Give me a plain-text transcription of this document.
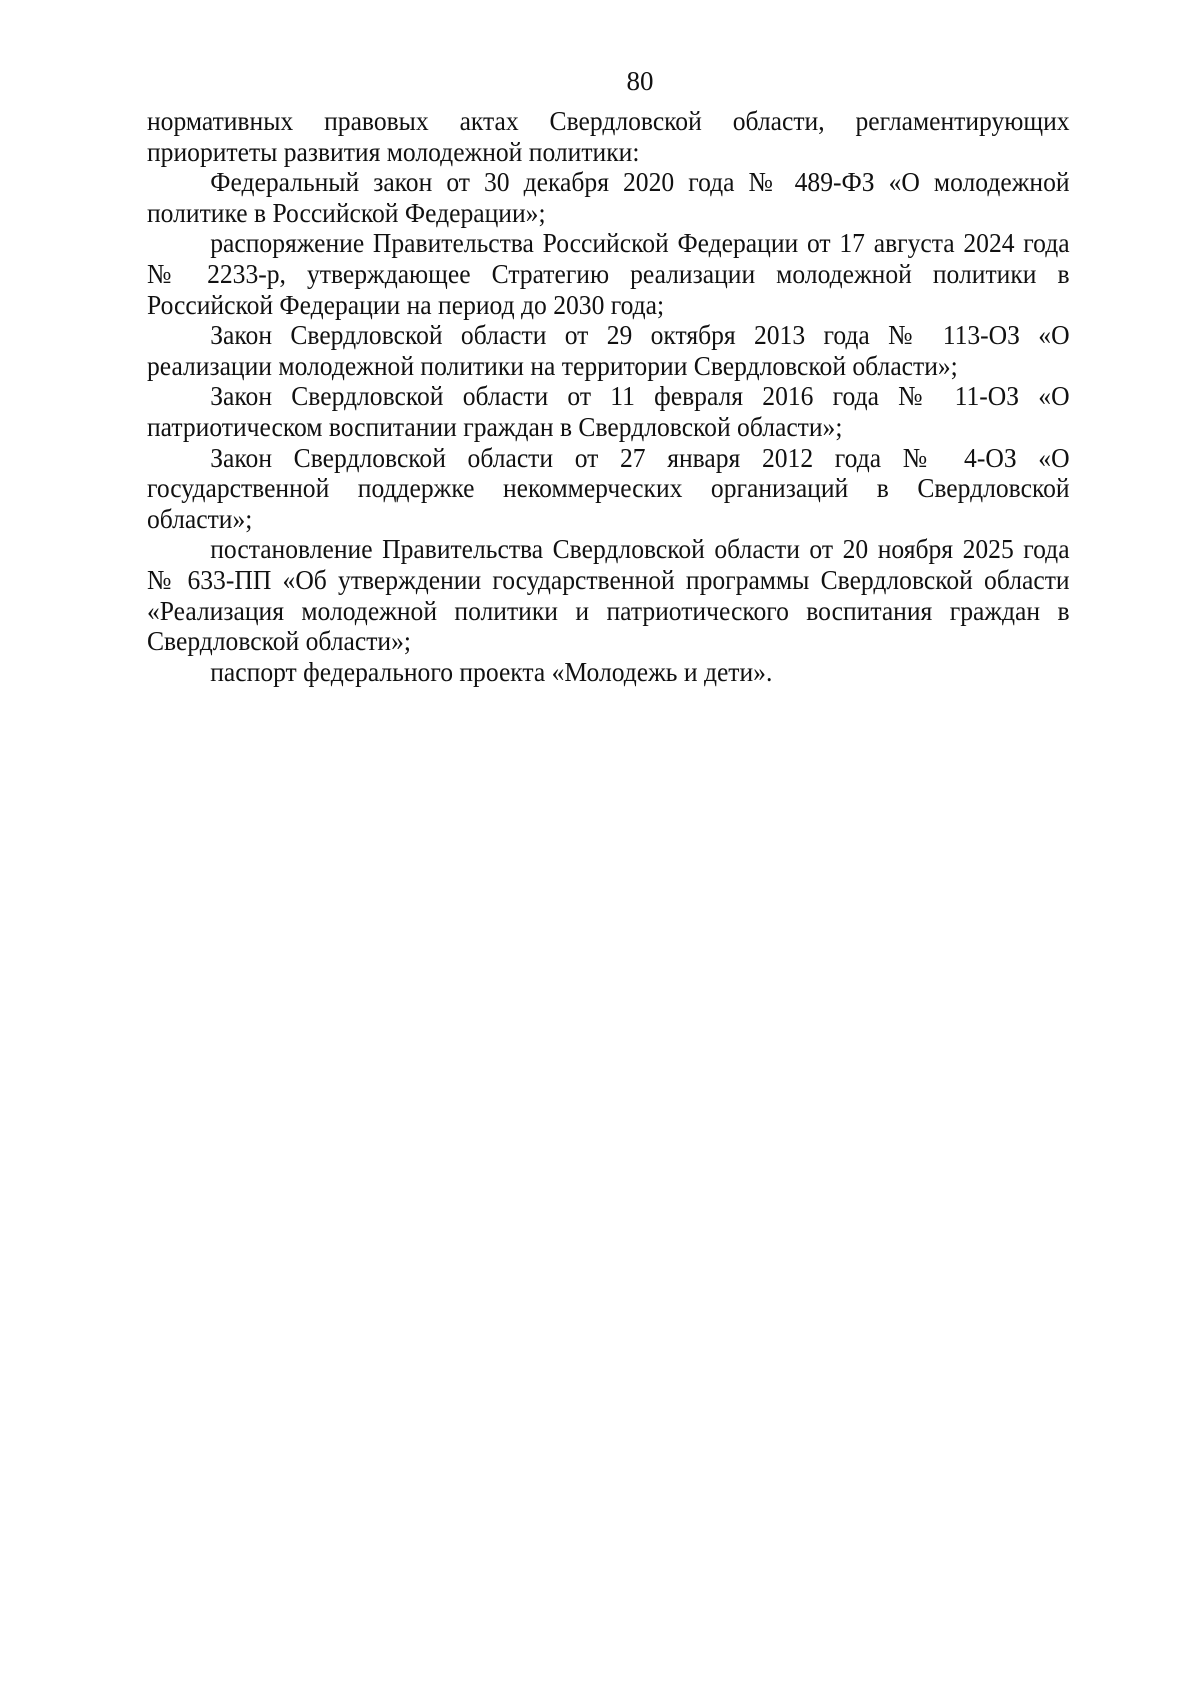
80

нормативных правовых актах Свердловской области, регламентирующих приоритеты развития молодежной политики:

Федеральный закон от 30 декабря 2020 года № 489-ФЗ «О молодежной политике в Российской Федерации»;

распоряжение Правительства Российской Федерации от 17 августа 2024 года № 2233-р, утверждающее Стратегию реализации молодежной политики в Российской Федерации на период до 2030 года;

Закон Свердловской области от 29 октября 2013 года № 113-ОЗ «О реализации молодежной политики на территории Свердловской области»;

Закон Свердловской области от 11 февраля 2016 года № 11-ОЗ «О патриотическом воспитании граждан в Свердловской области»;

Закон Свердловской области от 27 января 2012 года № 4-ОЗ «О государственной поддержке некоммерческих организаций в Свердловской области»;

постановление Правительства Свердловской области от 20 ноября 2025 года № 633-ПП «Об утверждении государственной программы Свердловской области «Реализация молодежной политики и патриотического воспитания граждан в Свердловской области»;

паспорт федерального проекта «Молодежь и дети».
